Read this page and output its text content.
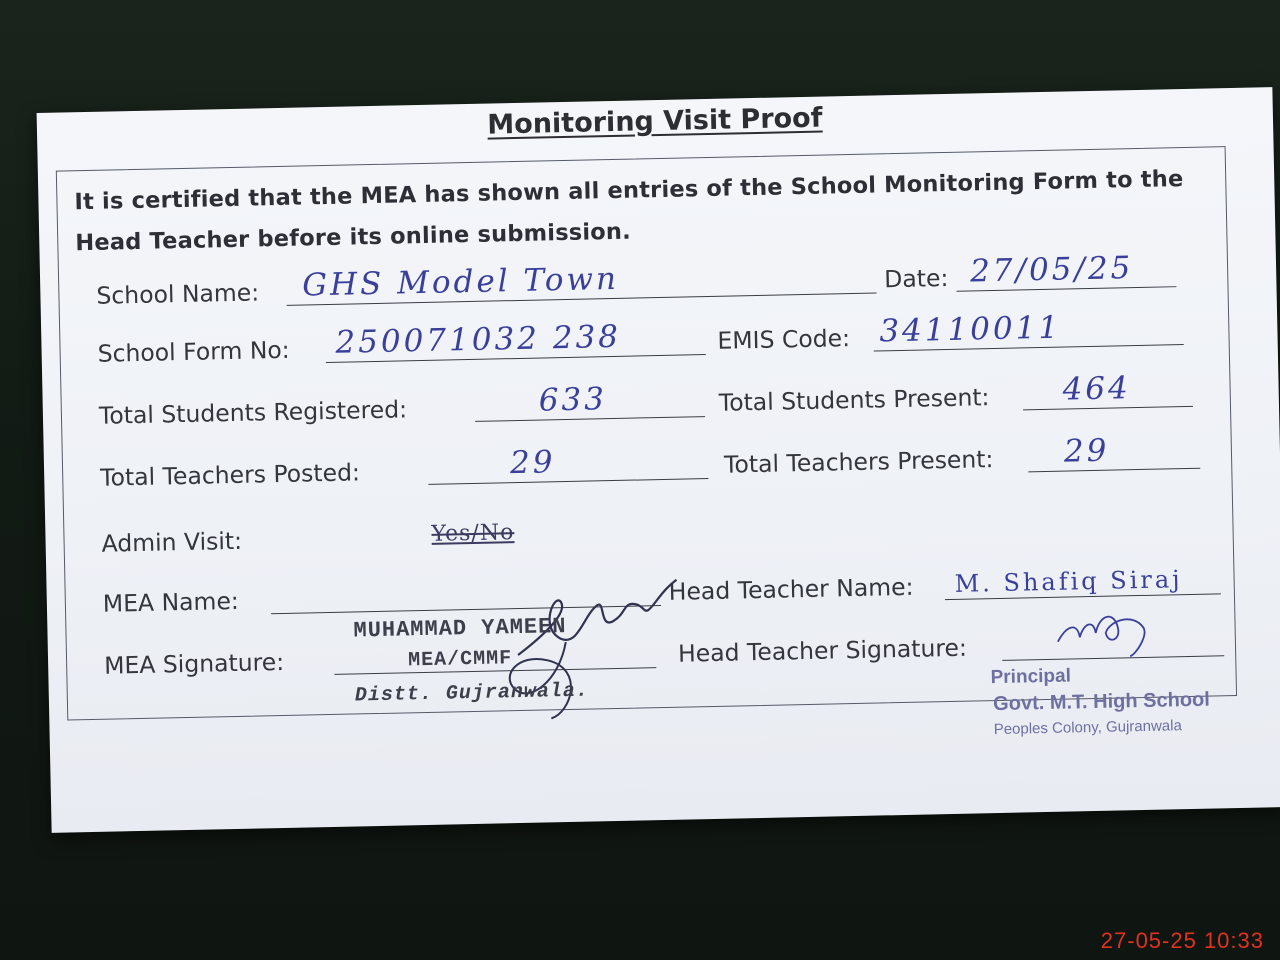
Monitoring Visit Proof
It is certified that the MEA has shown all entries of the School Monitoring Form to the Head Teacher before its online submission.
School Name: GHS Model Town	Date: 27/05/25
School Form No: 250071032 238	EMIS Code: 34110011
Total Students Registered:	633	Total Students Present: 464
Total Teachers Posted:	29	Total Teachers Present: 29
Admin Visit:	Yes/No
MEA Name:	Head Teacher Name: M. Shafiq Siraj
MEA Signature:	Head Teacher Signature:
MUHAMMAD YAMEEN
MEA/CMMF
Distt. Gujranwala.
Principal
Govt. M.T. High School
Peoples Colony, Gujranwala
27-05-25 10:33
